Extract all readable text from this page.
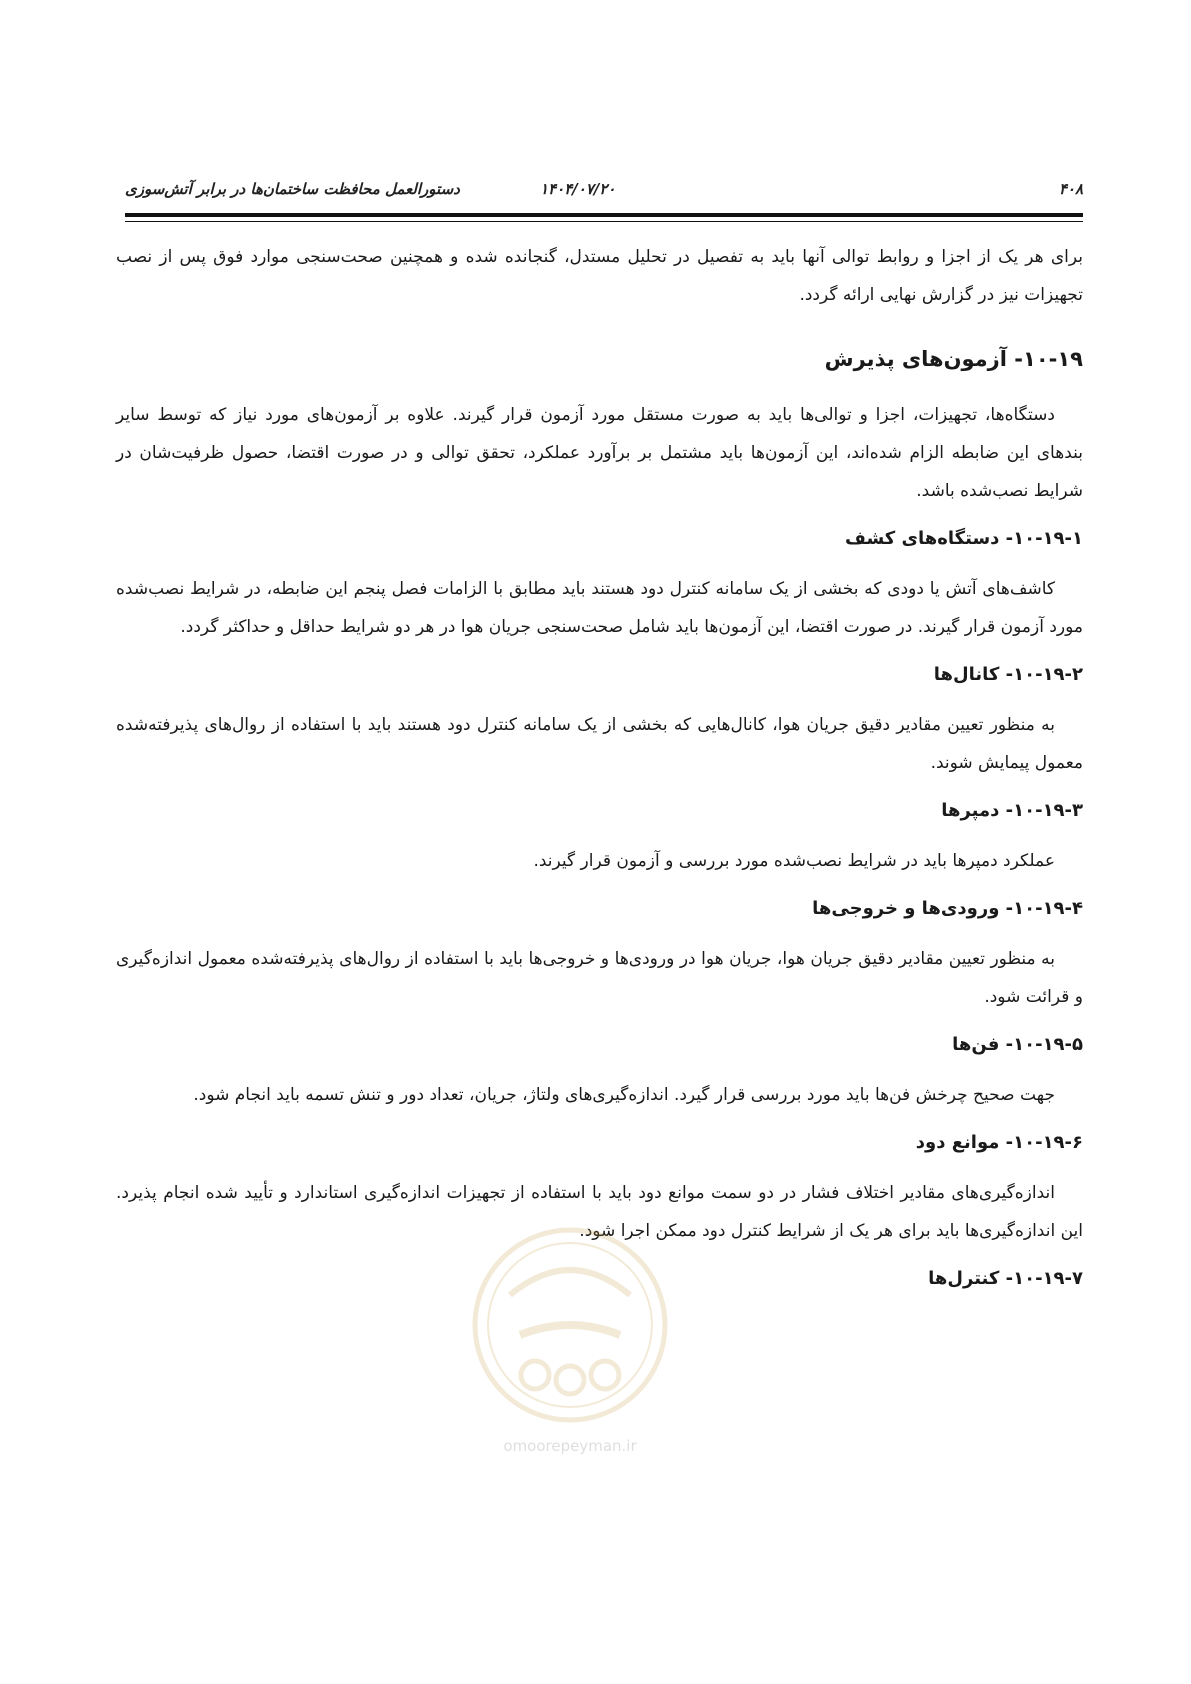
۴۰۸
۱۴۰۴/۰۷/۲۰
دستورالعمل محافظت ساختمان‌ها در برابر آتش‌سوزی

برای هر یک از اجزا و روابط توالی آنها باید به تفصیل در تحلیل مستدل، گنجانده شده و همچنین صحت‌سنجی موارد فوق پس از نصب تجهیزات نیز در گزارش نهایی ارائه گردد.

۱۰-۱۹- آزمون‌های پذیرش

دستگاه‌ها، تجهیزات، اجزا و توالی‌ها باید به صورت مستقل مورد آزمون قرار گیرند. علاوه بر آزمون‌های مورد نیاز که توسط سایر بندهای این ضابطه الزام شده‌اند، این آزمون‌ها باید مشتمل بر برآورد عملکرد، تحقق توالی و در صورت اقتضا، حصول ظرفیت‌شان در شرایط نصب‌شده باشد.

۱۰-۱۹-۱- دستگاه‌های کشف

کاشف‌های آتش یا دودی که بخشی از یک سامانه کنترل دود هستند باید مطابق با الزامات فصل پنجم این ضابطه، در شرایط نصب‌شده مورد آزمون قرار گیرند. در صورت اقتضا، این آزمون‌ها باید شامل صحت‌سنجی جریان هوا در هر دو شرایط حداقل و حداکثر گردد.

۱۰-۱۹-۲- کانال‌ها

به منظور تعیین مقادیر دقیق جریان هوا، کانال‌هایی که بخشی از یک سامانه کنترل دود هستند باید با استفاده از روال‌های پذیرفته‌شده معمول پیمایش شوند.

۱۰-۱۹-۳- دمپرها

عملکرد دمپرها باید در شرایط نصب‌شده مورد بررسی و آزمون قرار گیرند.

۱۰-۱۹-۴- ورودی‌ها و خروجی‌ها

به منظور تعیین مقادیر دقیق جریان هوا، جریان هوا در ورودی‌ها و خروجی‌ها باید با استفاده از روال‌های پذیرفته‌شده معمول اندازه‌گیری و قرائت شود.

۱۰-۱۹-۵- فن‌ها

جهت صحیح چرخش فن‌ها باید مورد بررسی قرار گیرد. اندازه‌گیری‌های ولتاژ، جریان، تعداد دور و تنش تسمه باید انجام شود.

۱۰-۱۹-۶- موانع دود

اندازه‌گیری‌های مقادیر اختلاف فشار در دو سمت موانع دود باید با استفاده از تجهیزات اندازه‌گیری استاندارد و تأیید شده انجام پذیرد. این اندازه‌گیری‌ها باید برای هر یک از شرایط کنترل دود ممکن اجرا شود.

۱۰-۱۹-۷- کنترل‌ها
omoorepeyman.ir
